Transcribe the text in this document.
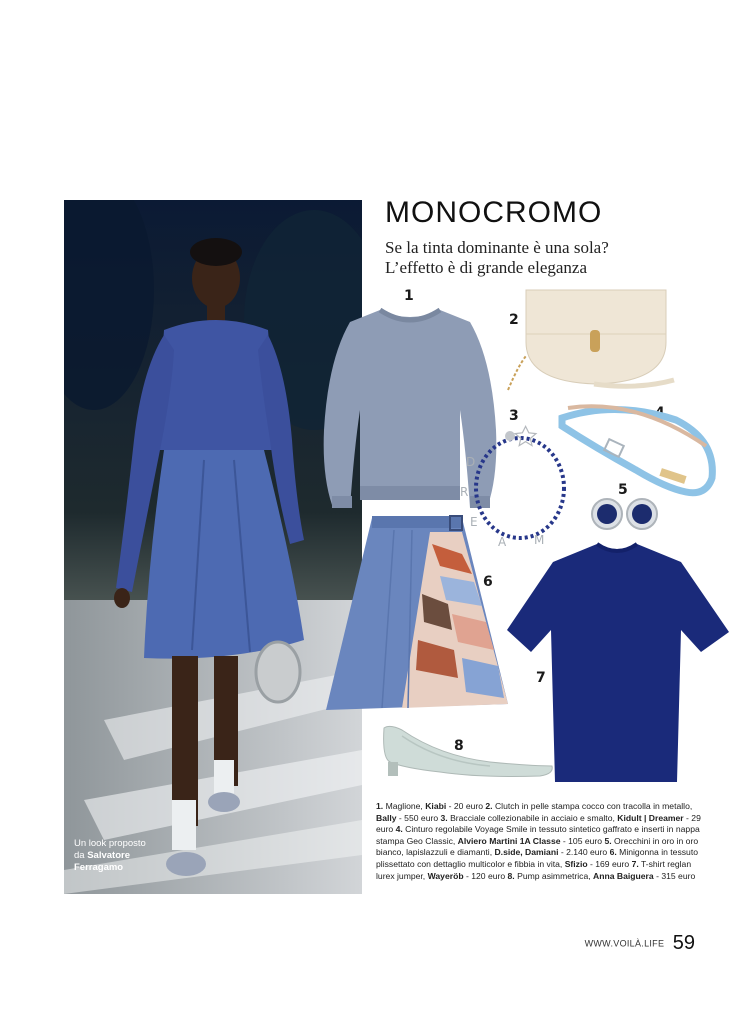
Un look proposto
da Salvatore
Ferragamo
MONOCROMO

Se la tinta dominante è una sola?
L’effetto è di grande eleganza

1
2
3
D
R
E
A M
4
5
6
7
8
1. Maglione, Kiabi - 20 euro 2. Clutch in pelle stampa cocco con tracolla in metallo, Bally - 550 euro 3. Bracciale collezionabile in acciaio e smalto, Kidult | Dreamer - 29 euro 4. Cinturo regolabile Voyage Smile in tessuto sintetico gaffrato e inserti in nappa stampa Geo Classic, Alviero Martini 1A Classe - 105 euro 5. Orecchini in oro in oro bianco, lapislazzuli e diamanti, D.side, Damiani - 2.140 euro 6. Minigonna in tessuto plissettato con dettaglio multicolor e fibbia in vita, Sfizio - 169 euro 7. T-shirt reglan lurex jumper, Wayeröb - 120 euro 8. Pump asimmetrica, Anna Baiguera - 315 euro
WWW.VOILÀ.LIFE 59
